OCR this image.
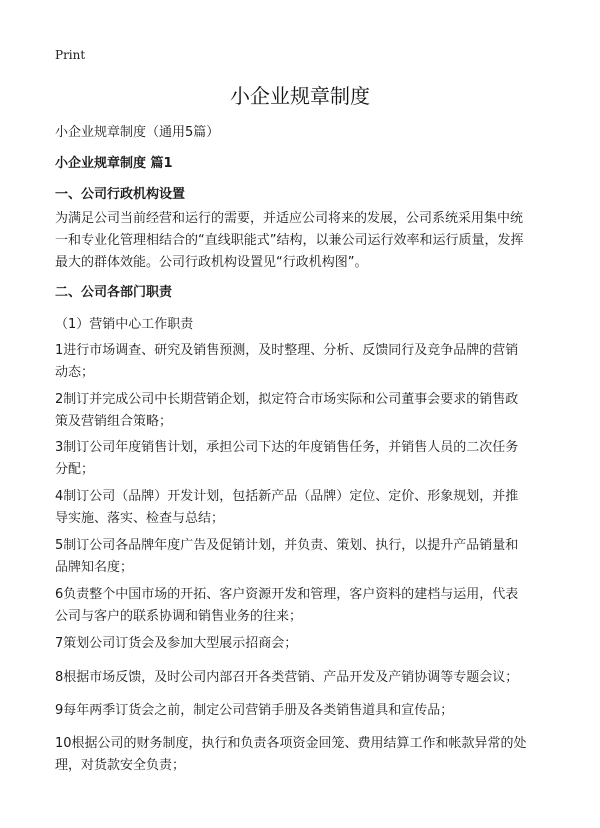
Print
小企业规章制度
小企业规章制度（通用5篇）
小企业规章制度 篇1
一、公司行政机构设置
为满足公司当前经营和运行的需要，并适应公司将来的发展，公司系统采用集中统
一和专业化管理相结合的“直线职能式”结构，以兼公司运行效率和运行质量，发挥
最大的群体效能。公司行政机构设置见“行政机构图”。
二、公司各部门职责
（1）营销中心工作职责
1进行市场调查、研究及销售预测，及时整理、分析、反馈同行及竞争品牌的营销
动态；
2制订并完成公司中长期营销企划，拟定符合市场实际和公司董事会要求的销售政
策及营销组合策略；
3制订公司年度销售计划，承担公司下达的年度销售任务，并销售人员的二次任务
分配；
4制订公司（品牌）开发计划，包括新产品（品牌）定位、定价、形象规划，并推
导实施、落实、检查与总结；
5制订公司各品牌年度广告及促销计划，并负责、策划、执行，以提升产品销量和
品牌知名度；
6负责整个中国市场的开拓、客户资源开发和管理，客户资料的建档与运用，代表
公司与客户的联系协调和销售业务的往来；
7策划公司订货会及参加大型展示招商会；
8根据市场反馈，及时公司内部召开各类营销、产品开发及产销协调等专题会议；
9每年两季订货会之前，制定公司营销手册及各类销售道具和宣传品；
10根据公司的财务制度，执行和负责各项资金回笼、费用结算工作和帐款异常的处
理，对货款安全负责；
